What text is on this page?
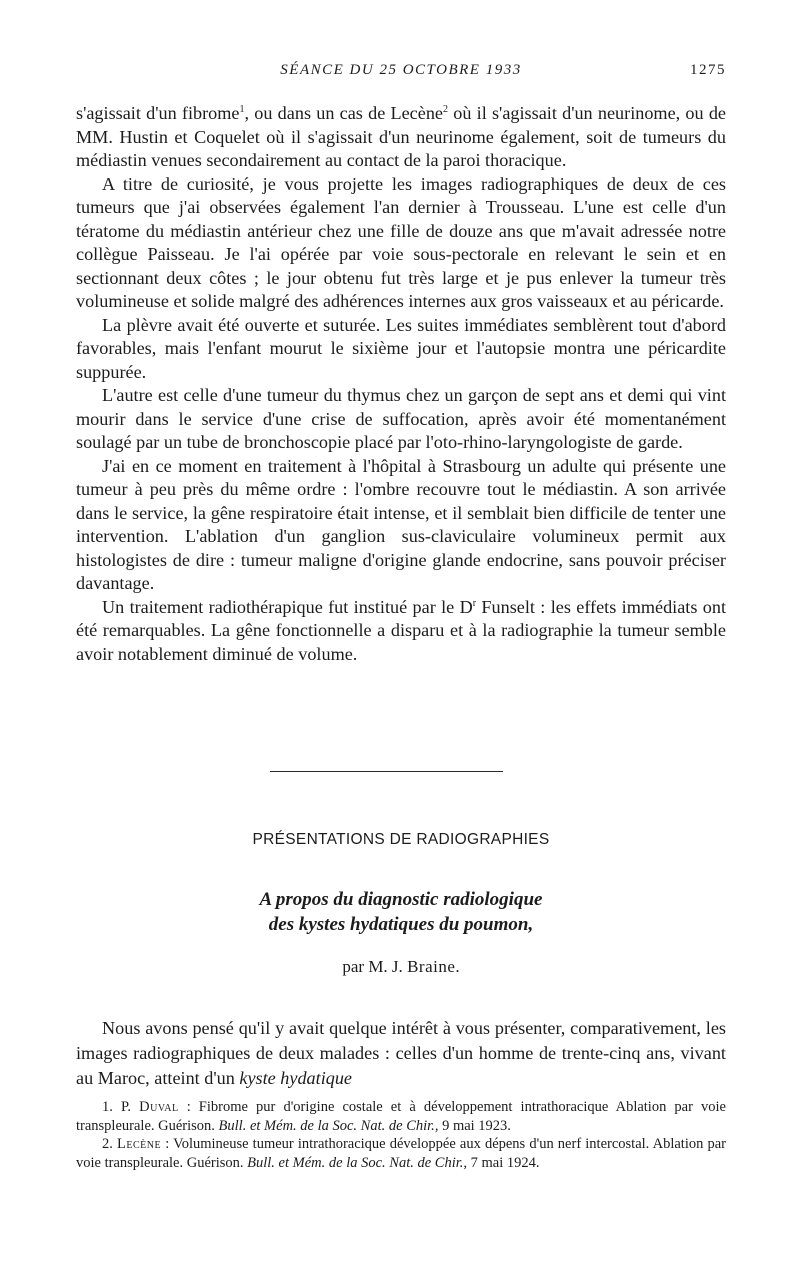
SÉANCE DU 25 OCTOBRE 1933	1275

s'agissait d'un fibrome$^1$, ou dans un cas de Lecène$^2$ où il s'agissait d'un neurinome, ou de MM. Hustin et Coquelet où il s'agissait d'un neurinome également, soit de tumeurs du médiastin venues secondairement au contact de la paroi thoracique.

A titre de curiosité, je vous projette les images radiographiques de deux de ces tumeurs que j'ai observées également l'an dernier à Trousseau. L'une est celle d'un tératome du médiastin antérieur chez une fille de douze ans que m'avait adressée notre collègue Paisseau. Je l'ai opérée par voie sous-pectorale en relevant le sein et en sectionnant deux côtes ; le jour obtenu fut très large et je pus enlever la tumeur très volumineuse et solide malgré des adhérences internes aux gros vaisseaux et au péricarde.

La plèvre avait été ouverte et suturée. Les suites immédiates semblèrent tout d'abord favorables, mais l'enfant mourut le sixième jour et l'autopsie montra une péricardite suppurée.

L'autre est celle d'une tumeur du thymus chez un garçon de sept ans et demi qui vint mourir dans le service d'une crise de suffocation, après avoir été momentanément soulagé par un tube de bronchoscopie placé par l'oto-rhino-laryngologiste de garde.

J'ai en ce moment en traitement à l'hôpital à Strasbourg un adulte qui présente une tumeur à peu près du même ordre : l'ombre recouvre tout le médiastin. A son arrivée dans le service, la gêne respiratoire était intense, et il semblait bien difficile de tenter une intervention. L'ablation d'un ganglion sus-claviculaire volumineux permit aux histologistes de dire : tumeur maligne d'origine glande endocrine, sans pouvoir préciser davantage.

Un traitement radiothérapique fut institué par le $D^r$ Funselt : les effets immédiats ont été remarquables. La gêne fonctionnelle a disparu et à la radiographie la tumeur semble avoir notablement diminué de volume.

PRÉSENTATIONS DE RADIOGRAPHIES
A propos du diagnostic radiologique
des kystes hydatiques du poumon,
par M. J. Braine.

Nous avons pensé qu'il y avait quelque intérêt à vous présenter, comparativement, les images radiographiques de deux malades : celles d'un homme de trente-cinq ans, vivant au Maroc, atteint d'un kyste hydatique

1. P. Duval : Fibrome pur d'origine costale et à développement intrathoracique Ablation par voie transpleurale. Guérison. Bull. et Mém. de la Soc. Nat. de Chir., 9 mai 1923.

2. Lecène : Volumineuse tumeur intrathoracique développée aux dépens d'un nerf intercostal. Ablation par voie transpleurale. Guérison. Bull. et Mém. de la Soc. Nat. de Chir., 7 mai 1924.
